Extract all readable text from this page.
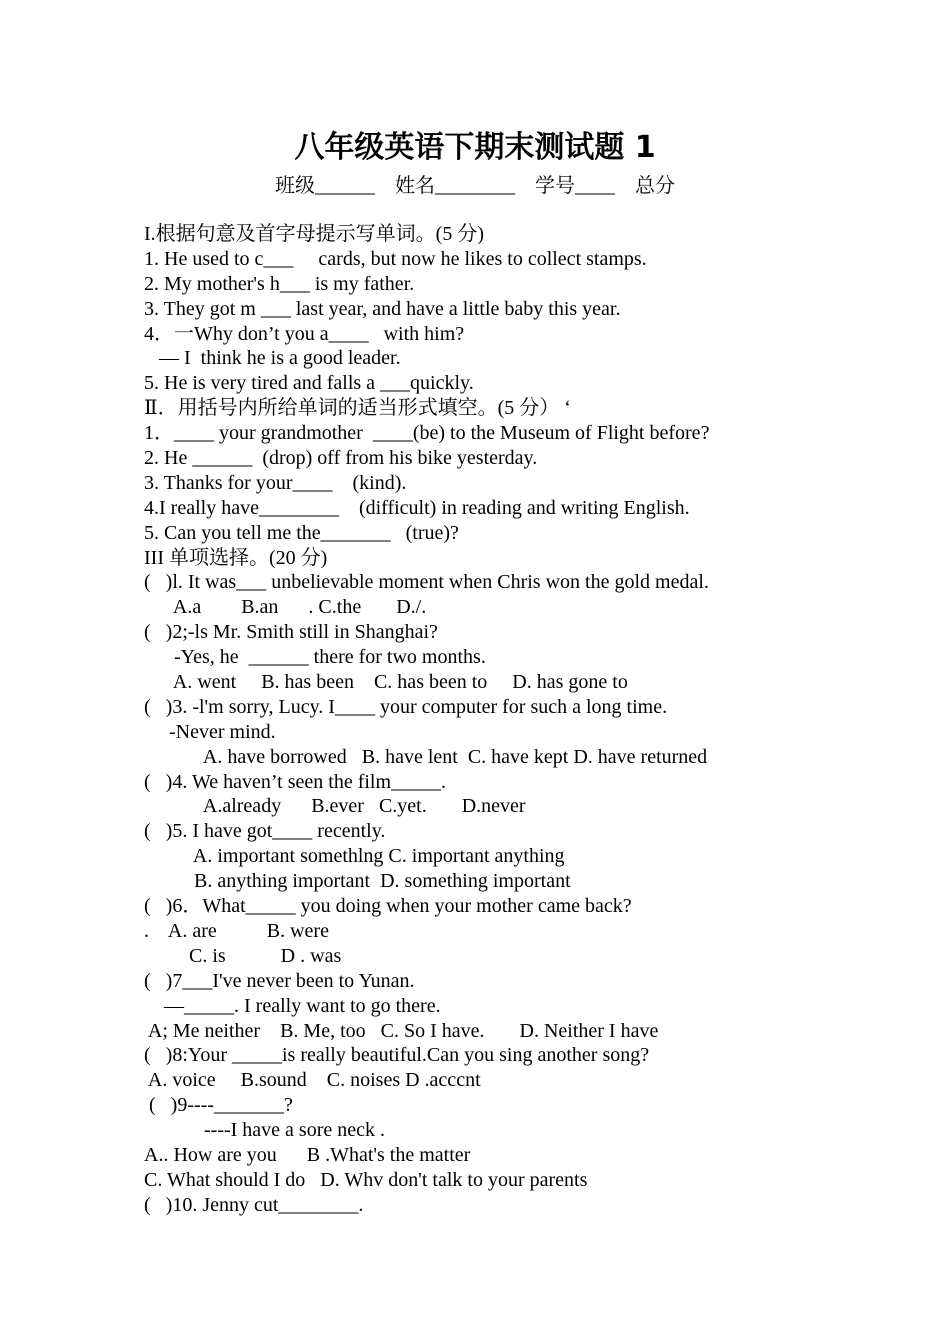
八年级英语下期末测试题 1
班级______    姓名________    学号____    总分
I.根据句意及首字母提示写单词。(5 分)
1. He used to c___     cards, but now he likes to collect stamps.
2. My mother's h___ is my father.
3. They got m ___ last year, and have a little baby this year.
4．一Why don’t you a____   with him?
— I  think he is a good leader.
5. He is very tired and falls a ___quickly.
Ⅱ．用括号内所给单词的适当形式填空。(5 分） ‘
1．____ your grandmother  ____(be) to the Museum of Flight before?
2. He ______  (drop) off from his bike yesterday.
3. Thanks for your____    (kind).
4.I really have________    (difficult) in reading and writing English.
5. Can you tell me the_______   (true)?
III 单项选择。(20 分)
(   )l. It was___ unbelievable moment when Chris won the gold medal.
A.a        B.an      . C.the       D./.
(   )2;-ls Mr. Smith still in Shanghai?
-Yes, he  ______ there for two months.
A. went     B. has been    C. has been to     D. has gone to
(   )3. -l'm sorry, Lucy. I____ your computer for such a long time.
-Never mind.
A. have borrowed   B. have lent  C. have kept D. have returned
(   )4. We haven’t seen the film_____.
A.already      B.ever   C.yet.       D.never
(   )5. I have got____ recently.
A. important somethlng C. important anything
B. anything important  D. something important
(   )6．What_____ you doing when your mother came back?
.    A. are          B. were
C. is           D . was
(   )7___I've never been to Yunan.
—_____. I really want to go there.
A; Me neither    B. Me, too   C. So I have.       D. Neither I have
(   )8:Your _____is really beautiful.Can you sing another song?
A. voice     B.sound    C. noises D .acccnt
(   )9----_______?
----I have a sore neck .
A.. How are you      B .What's the matter
C. What should I do   D. Whv don't talk to your parents
(   )10. Jenny cut________.
